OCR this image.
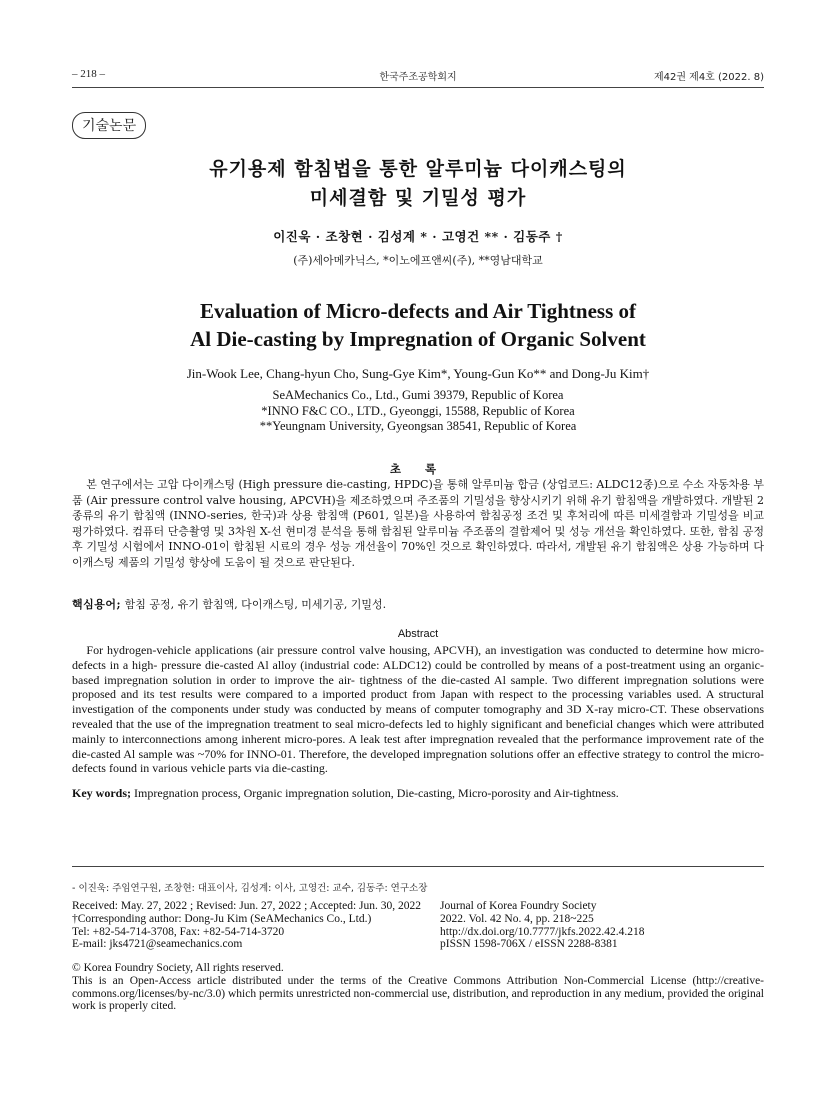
– 218 –	한국주조공학회지	제42권 제4호 (2022. 8)
기술논문
유기용제 함침법을 통한 알루미늄 다이캐스팅의
미세결함 및 기밀성 평가
이진욱 · 조창현 · 김성계 * · 고영건 ** · 김동주 †
(주)세아메카닉스, *이노에프앤씨(주), **영남대학교
Evaluation of Micro-defects and Air Tightness of
Al Die-casting by Impregnation of Organic Solvent
Jin-Wook Lee, Chang-hyun Cho, Sung-Gye Kim*, Young-Gun Ko** and Dong-Ju Kim†
SeAMechanics Co., Ltd., Gumi 39379, Republic of Korea
*INNO F&C CO., LTD., Gyeonggi, 15588, Republic of Korea
**Yeungnam University, Gyeongsan 38541, Republic of Korea
초 록

본 연구에서는 고압 다이캐스팅 (High pressure die-casting, HPDC)을 통해 알루미늄 합금 (상업코드: ALDC12종)으로 수소 자동차용 부품 (Air pressure control valve housing, APCVH)을 제조하였으며 주조품의 기밀성을 향상시키기 위해 유기 함침액을 개발하였다. 개발된 2종류의 유기 함침액 (INNO-series, 한국)과 상용 함침액 (P601, 일본)을 사용하여 함침공정 조건 및 후처리에 따른 미세결함과 기밀성을 비교 평가하였다. 컴퓨터 단층촬영 및 3차원 X-선 현미경 분석을 통해 함침된 알루미늄 주조품의 결함제어 및 성능 개선을 확인하였다. 또한, 함침 공정 후 기밀성 시험에서 INNO-01이 함침된 시료의 경우 성능 개선율이 70%인 것으로 확인하였다. 따라서, 개발된 유기 함침액은 상용 가능하며 다이캐스팅 제품의 기밀성 향상에 도움이 될 것으로 판단된다.

핵심용어; 함침 공정, 유기 함침액, 다이캐스팅, 미세기공, 기밀성.

Abstract

For hydrogen-vehicle applications (air pressure control valve housing, APCVH), an investigation was conducted to determine how micro-defects in a high- pressure die-casted Al alloy (industrial code: ALDC12) could be controlled by means of a post-treatment using an organic-based impregnation solution in order to improve the air- tightness of the die-casted Al sample. Two different impregnation solutions were proposed and its test results were compared to a imported product from Japan with respect to the processing variables used. A structural investigation of the components under study was conducted by means of computer tomography and 3D X-ray micro-CT. These observations revealed that the use of the impregnation treatment to seal micro-defects led to highly significant and beneficial changes which were attributed mainly to interconnections among inherent micro-pores. A leak test after impregnation revealed that the performance improvement rate of the die-casted Al sample was ~70% for INNO-01. Therefore, the developed impregnation solutions offer an effective strategy to control the micro-defects found in various vehicle parts via die-casting.

Key words; Impregnation process, Organic impregnation solution, Die-casting, Micro-porosity and Air-tightness.

- 이진욱: 주임연구원, 조창현: 대표이사, 김성계: 이사, 고영건: 교수, 김동주: 연구소장
Received: May. 27, 2022 ; Revised: Jun. 27, 2022 ; Accepted: Jun. 30, 2022
†Corresponding author: Dong-Ju Kim (SeAMechanics Co., Ltd.)
Tel: +82-54-714-3708, Fax: +82-54-714-3720
E-mail: jks4721@seamechanics.com
Journal of Korea Foundry Society
2022. Vol. 42 No. 4, pp. 218~225
http://dx.doi.org/10.7777/jkfs.2022.42.4.218
pISSN 1598-706X / eISSN 2288-8381

© Korea Foundry Society, All rights reserved.
This is an Open-Access article distributed under the terms of the Creative Commons Attribution Non-Commercial License (http://creative-commons.org/licenses/by-nc/3.0) which permits unrestricted non-commercial use, distribution, and reproduction in any medium, provided the original work is properly cited.
